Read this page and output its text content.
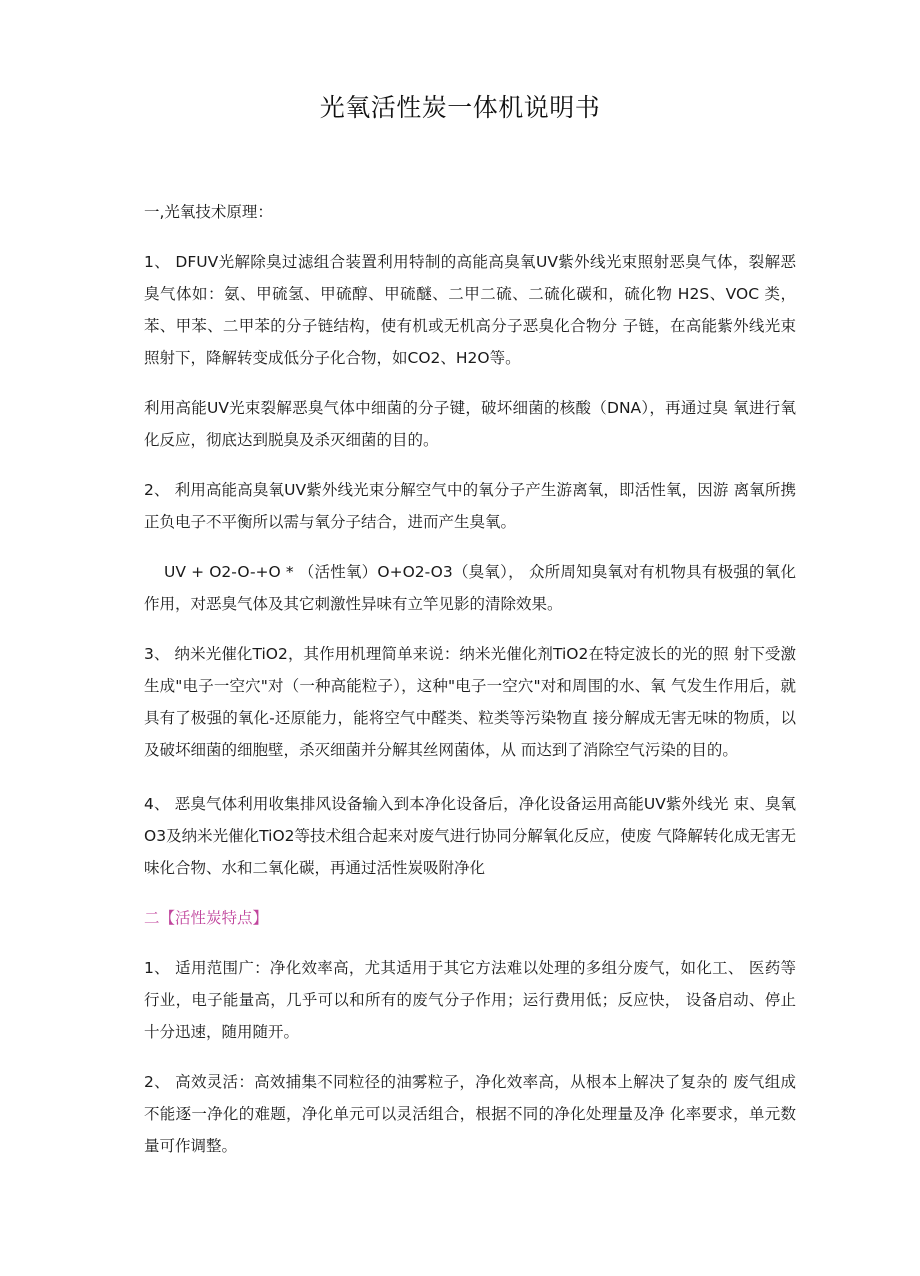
光氧活性炭一体机说明书

一,光氧技术原理：

1、 DFUV光解除臭过滤组合装置利用特制的高能高臭氧UV紫外线光束照射恶臭气体，裂解恶臭气体如：氨、甲硫氢、甲硫醇、甲硫醚、二甲二硫、二硫化碳和，硫化物 H2S、VOC 类，苯、甲苯、二甲苯的分子链结构，使有机或无机高分子恶臭化合物分 子链，在高能紫外线光束照射下，降解转变成低分子化合物，如CO2、H2O等。

利用高能UV光束裂解恶臭气体中细菌的分子键，破坏细菌的核酸（DNA），再通过臭 氧进行氧化反应，彻底达到脱臭及杀灭细菌的目的。

2、 利用高能高臭氧UV紫外线光束分解空气中的氧分子产生游离氧，即活性氧，因游 离氧所携正负电子不平衡所以需与氧分子结合，进而产生臭氧。

UV + O2-O-+O * （活性氧）O+O2-O3（臭氧）， 众所周知臭氧对有机物具有极强的氧化作用，对恶臭气体及其它刺激性异味有立竿见影的清除效果。

3、 纳米光催化TiO2，其作用机理简单来说：纳米光催化剂TiO2在特定波长的光的照 射下受激生成"电子一空穴"对（一种高能粒子），这种"电子一空穴"对和周围的水、氧 气发生作用后，就具有了极强的氧化-还原能力，能将空气中醛类、粒类等污染物直 接分解成无害无味的物质，以及破坏细菌的细胞壁，杀灭细菌并分解其丝网菌体，从 而达到了消除空气污染的目的。

4、 恶臭气体利用收集排风设备输入到本净化设备后，净化设备运用高能UV紫外线光 束、臭氧O3及纳米光催化TiO2等技术组合起来对废气进行协同分解氧化反应，使废 气降解转化成无害无味化合物、水和二氧化碳，再通过活性炭吸附净化

二【活性炭特点】

1、 适用范围广：净化效率高，尤其适用于其它方法难以处理的多组分废气，如化工、 医药等行业，电子能量高，几乎可以和所有的废气分子作用；运行费用低；反应快， 设备启动、停止十分迅速，随用随开。

2、 高效灵活：高效捕集不同粒径的油雾粒子，净化效率高，从根本上解决了复杂的 废气组成不能逐一净化的难题，净化单元可以灵活组合，根据不同的净化处理量及净 化率要求，单元数量可作调整。
